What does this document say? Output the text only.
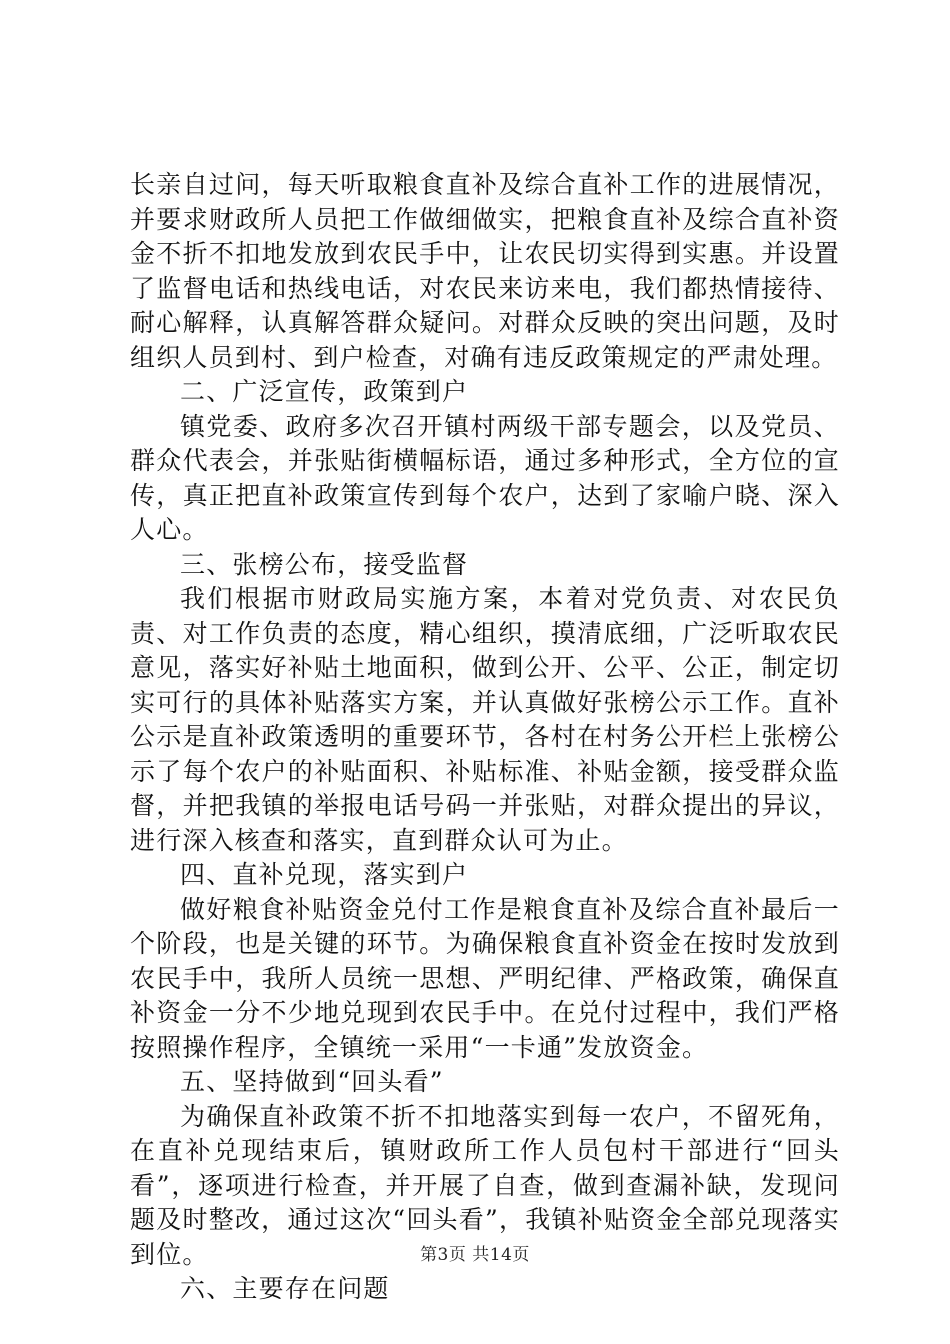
长亲自过问，每天听取粮食直补及综合直补工作的进展情况，并要求财政所人员把工作做细做实，把粮食直补及综合直补资金不折不扣地发放到农民手中，让农民切实得到实惠。并设置了监督电话和热线电话，对农民来访来电，我们都热情接待、耐心解释，认真解答群众疑问。对群众反映的突出问题，及时组织人员到村、到户检查，对确有违反政策规定的严肃处理。

二、广泛宣传，政策到户

镇党委、政府多次召开镇村两级干部专题会，以及党员、群众代表会，并张贴街横幅标语，通过多种形式，全方位的宣传，真正把直补政策宣传到每个农户，达到了家喻户晓、深入人心。

三、张榜公布，接受监督

我们根据市财政局实施方案，本着对党负责、对农民负责、对工作负责的态度，精心组织，摸清底细，广泛听取农民意见，落实好补贴土地面积，做到公开、公平、公正，制定切实可行的具体补贴落实方案，并认真做好张榜公示工作。直补公示是直补政策透明的重要环节，各村在村务公开栏上张榜公示了每个农户的补贴面积、补贴标准、补贴金额，接受群众监督，并把我镇的举报电话号码一并张贴，对群众提出的异议，进行深入核查和落实，直到群众认可为止。

四、直补兑现，落实到户

做好粮食补贴资金兑付工作是粮食直补及综合直补最后一个阶段，也是关键的环节。为确保粮食直补资金在按时发放到农民手中，我所人员统一思想、严明纪律、严格政策，确保直补资金一分不少地兑现到农民手中。在兑付过程中，我们严格按照操作程序，全镇统一采用“一卡通”发放资金。

五、坚持做到“回头看”

为确保直补政策不折不扣地落实到每一农户，不留死角，在直补兑现结束后，镇财政所工作人员包村干部进行“回头看”，逐项进行检查，并开展了自查，做到查漏补缺，发现问题及时整改，通过这次“回头看”，我镇补贴资金全部兑现落实到位。

六、主要存在问题

第3页 共14页
